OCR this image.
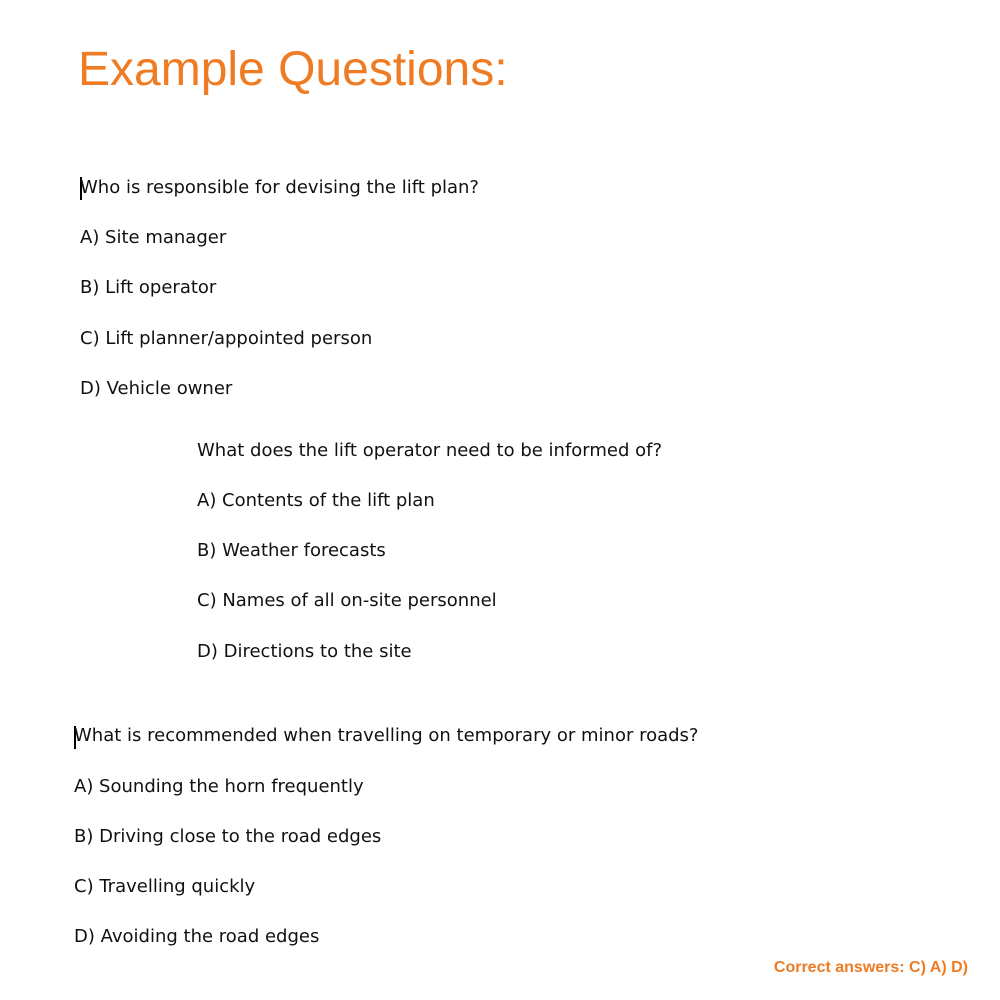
Example Questions:
Who is responsible for devising the lift plan?
A) Site manager
B) Lift operator
C) Lift planner/appointed person
D) Vehicle owner
What does the lift operator need to be informed of?
A) Contents of the lift plan
B) Weather forecasts
C) Names of all on-site personnel
D) Directions to the site
What is recommended when travelling on temporary or minor roads?
A) Sounding the horn frequently
B) Driving close to the road edges
C) Travelling quickly
D) Avoiding the road edges
Correct answers: C) A) D)
